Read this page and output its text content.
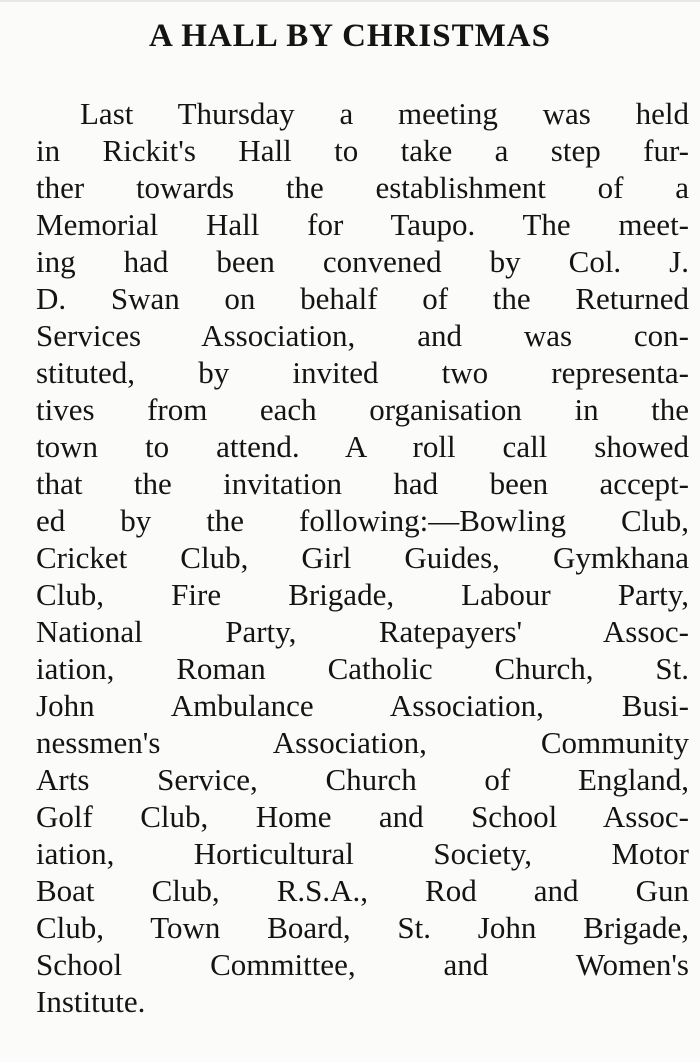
A HALL BY CHRISTMAS
Last Thursday a meeting was held
in Rickit's Hall to take a step fur-
ther towards the establishment of a
Memorial Hall for Taupo. The meet-
ing had been convened by Col. J.
D. Swan on behalf of the Returned
Services Association, and was con-
stituted, by invited two representa-
tives from each organisation in the
town to attend. A roll call showed
that the invitation had been accept-
ed by the following:—Bowling Club,
Cricket Club, Girl Guides, Gymkhana
Club, Fire Brigade, Labour Party,
National Party, Ratepayers' Assoc-
iation, Roman Catholic Church, St.
John Ambulance Association, Busi-
nessmen's Association, Community
Arts Service, Church of England,
Golf Club, Home and School Assoc-
iation, Horticultural Society, Motor
Boat Club, R.S.A., Rod and Gun
Club, Town Board, St. John Brigade,
School Committee, and Women's
Institute.
